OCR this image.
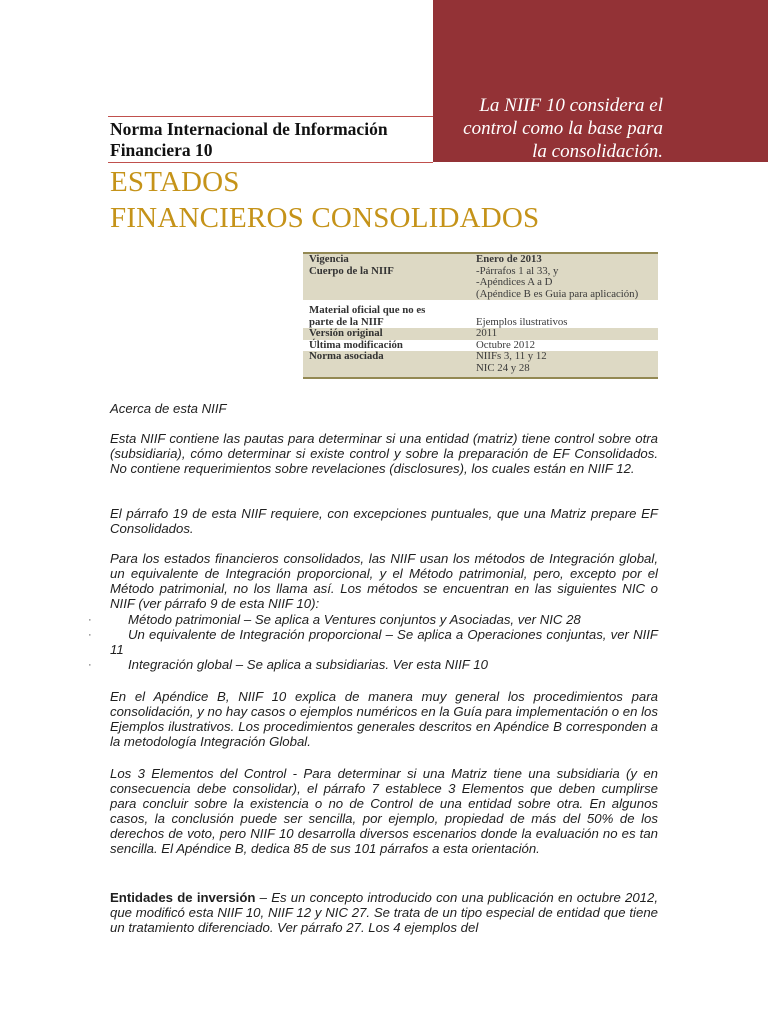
La NIIF 10 considera el
control como la base para
la consolidación.
Norma Internacional de Información
Financiera 10
ESTADOS
FINANCIEROS CONSOLIDADOS
Vigencia	Enero de 2013
Cuerpo de la NIIF	-Párrafos 1 al 33, y
-Apéndices A a D
(Apéndice B es Guia para aplicación)

Material oficial que no es
parte de la NIIF	Ejemplos ilustrativos

Versión original	2011
Última modificación	Octubre 2012
Norma asociada	NIIFs 3, 11 y 12
NIC 24 y 28
Acerca de esta NIIF

Esta NIIF contiene las pautas para determinar si una entidad (matriz) tiene control sobre otra (subsidiaria), cómo determinar si existe control y sobre la preparación de EF Consolidados. No contiene requerimientos sobre revelaciones (disclosures), los cuales están en NIIF 12.

El párrafo 19 de esta NIIF requiere, con excepciones puntuales, que una Matriz prepare EF Consolidados.

Para los estados financieros consolidados, las NIIF usan los métodos de Integración global, un equivalente de Integración proporcional, y el Método patrimonial, pero, excepto por el Método patrimonial, no los llama así. Los métodos se encuentran en las siguientes NIC o NIIF (ver párrafo 9 de esta NIIF 10):

·	Método patrimonial – Se aplica a Ventures conjuntos y Asociadas, ver NIC 28

·	Un equivalente de Integración proporcional – Se aplica a Operaciones conjuntas, ver NIIF 11

·	Integración global – Se aplica a subsidiarias. Ver esta NIIF 10

En el Apéndice B, NIIF 10 explica de manera muy general los procedimientos para consolidación, y no hay casos o ejemplos numéricos en la Guía para implementación o en los Ejemplos ilustrativos. Los procedimientos generales descritos en Apéndice B corresponden a la metodología Integración Global.

Los 3 Elementos del Control - Para determinar si una Matriz tiene una subsidiaria (y en consecuencia debe consolidar), el párrafo 7 establece 3 Elementos que deben cumplirse para concluir sobre la existencia o no de Control de una entidad sobre otra. En algunos casos, la conclusión puede ser sencilla, por ejemplo, propiedad de más del 50% de los derechos de voto, pero NIIF 10 desarrolla diversos escenarios donde la evaluación no es tan sencilla. El Apéndice B, dedica 85 de sus 101 párrafos a esta orientación.

Entidades de inversión – Es un concepto introducido con una publicación en octubre 2012, que modificó esta NIIF 10, NIIF 12 y NIC 27. Se trata de un tipo especial de entidad que tiene un tratamiento diferenciado. Ver párrafo 27. Los 4 ejemplos del
